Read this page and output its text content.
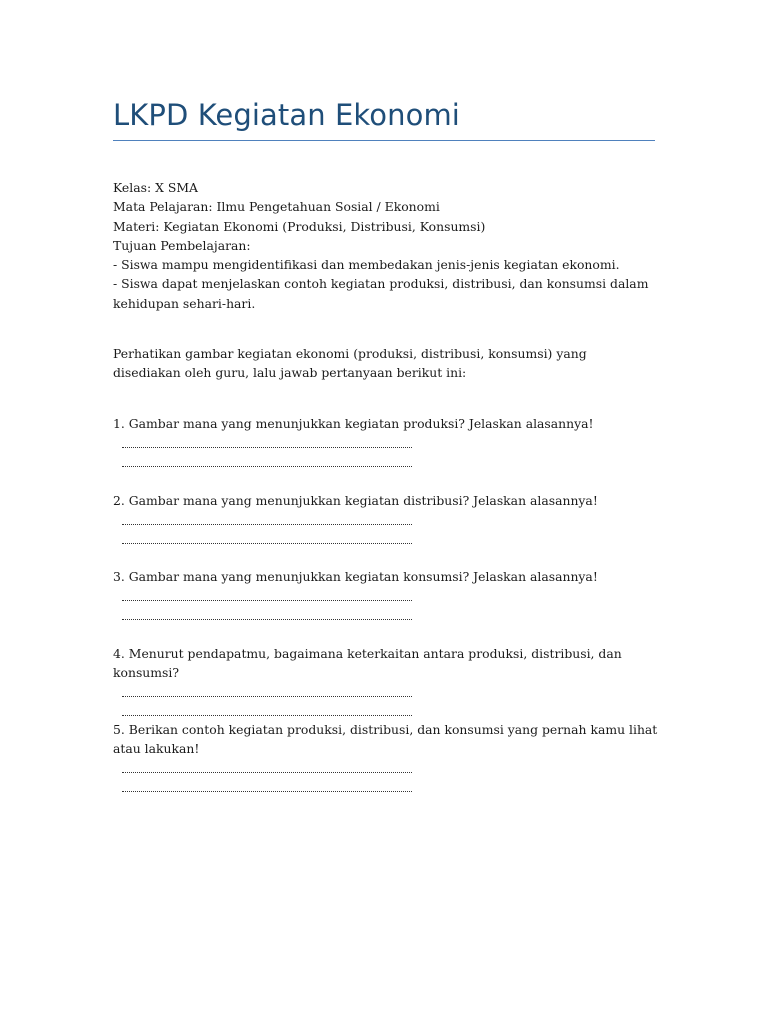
LKPD Kegiatan Ekonomi
Kelas: X SMA
Mata Pelajaran: Ilmu Pengetahuan Sosial / Ekonomi
Materi: Kegiatan Ekonomi (Produksi, Distribusi, Konsumsi)
Tujuan Pembelajaran:
- Siswa mampu mengidentifikasi dan membedakan jenis-jenis kegiatan ekonomi.
- Siswa dapat menjelaskan contoh kegiatan produksi, distribusi, dan konsumsi dalam kehidupan sehari-hari.
Perhatikan gambar kegiatan ekonomi (produksi, distribusi, konsumsi) yang disediakan oleh guru, lalu jawab pertanyaan berikut ini:

1. Gambar mana yang menunjukkan kegiatan produksi? Jelaskan alasannya!

2. Gambar mana yang menunjukkan kegiatan distribusi? Jelaskan alasannya!

3. Gambar mana yang menunjukkan kegiatan konsumsi? Jelaskan alasannya!

4. Menurut pendapatmu, bagaimana keterkaitan antara produksi, distribusi, dan konsumsi?

5. Berikan contoh kegiatan produksi, distribusi, dan konsumsi yang pernah kamu lihat atau lakukan!
